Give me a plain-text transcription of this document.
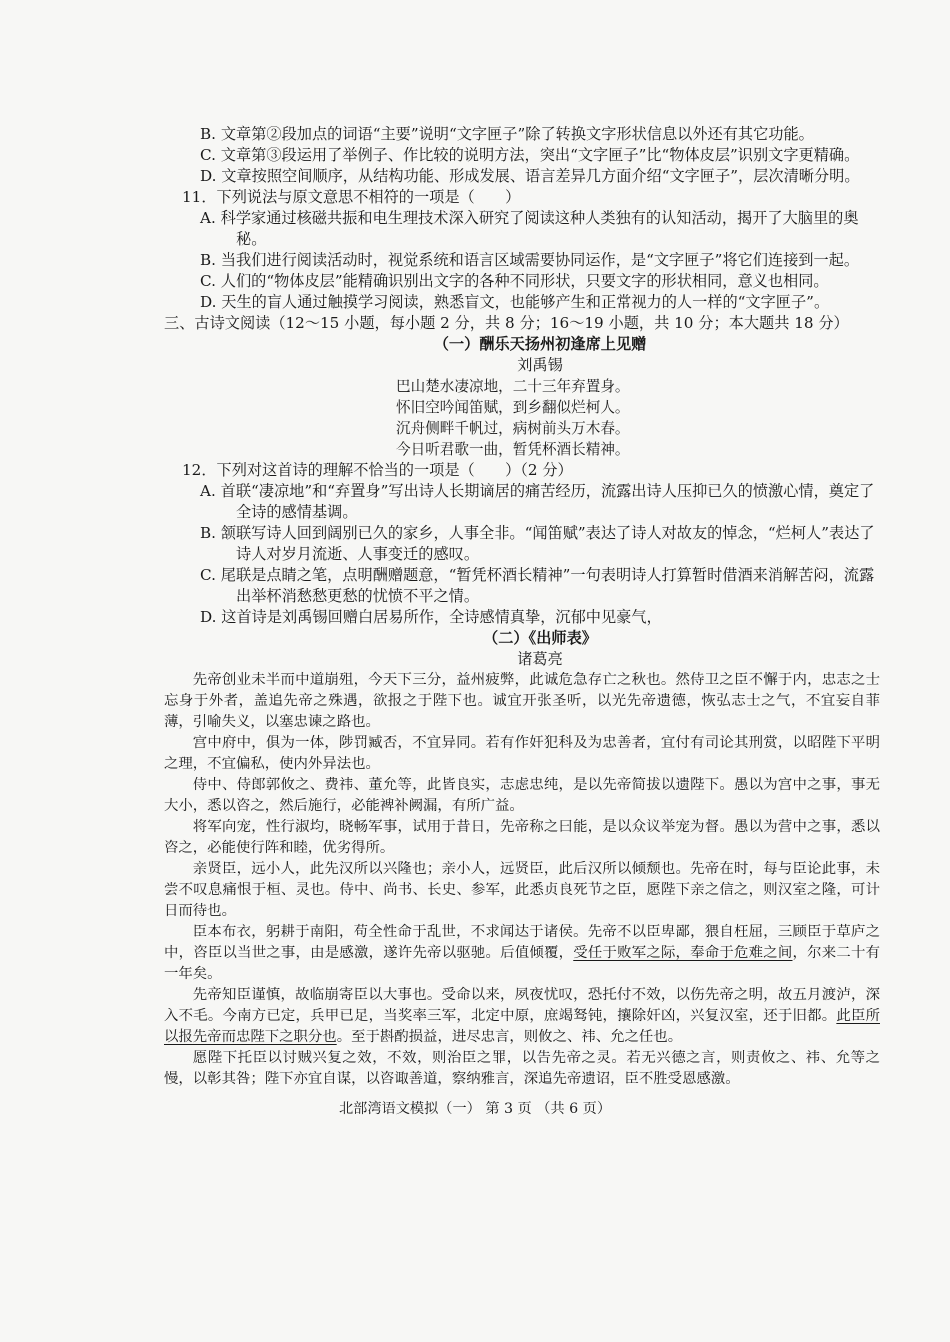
B. 文章第②段加点的词语“主要”说明“文字匣子”除了转换文字形状信息以外还有其它功能。
C. 文章第③段运用了举例子、作比较的说明方法，突出“文字匣子”比“物体皮层”识别文字更精确。
D. 文章按照空间顺序，从结构功能、形成发展、语言差异几方面介绍“文字匣子”，层次清晰分明。
11．下列说法与原文意思不相符的一项是（　　）
A. 科学家通过核磁共振和电生理技术深入研究了阅读这种人类独有的认知活动，揭开了大脑里的奥秘。
B. 当我们进行阅读活动时，视觉系统和语言区域需要协同运作，是“文字匣子”将它们连接到一起。
C. 人们的“物体皮层”能精确识别出文字的各种不同形状，只要文字的形状相同，意义也相同。
D. 天生的盲人通过触摸学习阅读，熟悉盲文，也能够产生和正常视力的人一样的“文字匣子”。
三、古诗文阅读（12～15 小题，每小题 2 分，共 8 分；16～19 小题，共 10 分；本大题共 18 分）
（一）酬乐天扬州初逢席上见赠
刘禹锡
巴山楚水凄凉地，二十三年弃置身。
怀旧空吟闻笛赋，到乡翻似烂柯人。
沉舟侧畔千帆过，病树前头万木春。
今日听君歌一曲，暂凭杯酒长精神。
12．下列对这首诗的理解不恰当的一项是（　　）（2 分）
A. 首联“凄凉地”和“弃置身”写出诗人长期谪居的痛苦经历，流露出诗人压抑已久的愤激心情，奠定了全诗的感情基调。
B. 颔联写诗人回到阔别已久的家乡，人事全非。“闻笛赋”表达了诗人对故友的悼念，“烂柯人”表达了诗人对岁月流逝、人事变迁的感叹。
C. 尾联是点睛之笔，点明酬赠题意，“暂凭杯酒长精神”一句表明诗人打算暂时借酒来消解苦闷，流露出举杯消愁愁更愁的忧愤不平之情。
D. 这首诗是刘禹锡回赠白居易所作，全诗感情真挚，沉郁中见豪气，
（二）《出师表》
诸葛亮
先帝创业未半而中道崩殂，今天下三分，益州疲弊，此诚危急存亡之秋也。然侍卫之臣不懈于内，忠志之士忘身于外者，盖追先帝之殊遇，欲报之于陛下也。诚宜开张圣听，以光先帝遗德，恢弘志士之气，不宜妄自菲薄，引喻失义，以塞忠谏之路也。
宫中府中，俱为一体，陟罚臧否，不宜异同。若有作奸犯科及为忠善者，宜付有司论其刑赏，以昭陛下平明之理，不宜偏私，使内外异法也。
侍中、侍郎郭攸之、费祎、董允等，此皆良实，志虑忠纯，是以先帝简拔以遗陛下。愚以为宫中之事，事无大小，悉以咨之，然后施行，必能裨补阙漏，有所广益。
将军向宠，性行淑均，晓畅军事，试用于昔日，先帝称之曰能，是以众议举宠为督。愚以为营中之事，悉以咨之，必能使行阵和睦，优劣得所。
亲贤臣，远小人，此先汉所以兴隆也；亲小人，远贤臣，此后汉所以倾颓也。先帝在时，每与臣论此事，未尝不叹息痛恨于桓、灵也。侍中、尚书、长史、参军，此悉贞良死节之臣，愿陛下亲之信之，则汉室之隆，可计日而待也。
臣本布衣，躬耕于南阳，苟全性命于乱世，不求闻达于诸侯。先帝不以臣卑鄙，猥自枉屈，三顾臣于草庐之中，咨臣以当世之事，由是感激，遂许先帝以驱驰。后值倾覆，受任于败军之际，奉命于危难之间，尔来二十有一年矣。
先帝知臣谨慎，故临崩寄臣以大事也。受命以来，夙夜忧叹，恐托付不效，以伤先帝之明，故五月渡泸，深入不毛。今南方已定，兵甲已足，当奖率三军，北定中原，庶竭驽钝，攘除奸凶，兴复汉室，还于旧都。此臣所以报先帝而忠陛下之职分也。至于斟酌损益，进尽忠言，则攸之、祎、允之任也。
愿陛下托臣以讨贼兴复之效，不效，则治臣之罪，以告先帝之灵。若无兴德之言，则责攸之、祎、允等之慢，以彰其咎；陛下亦宜自谋，以咨诹善道，察纳雅言，深追先帝遗诏，臣不胜受恩感激。
北部湾语文模拟（一） 第 3 页 （共 6 页）
